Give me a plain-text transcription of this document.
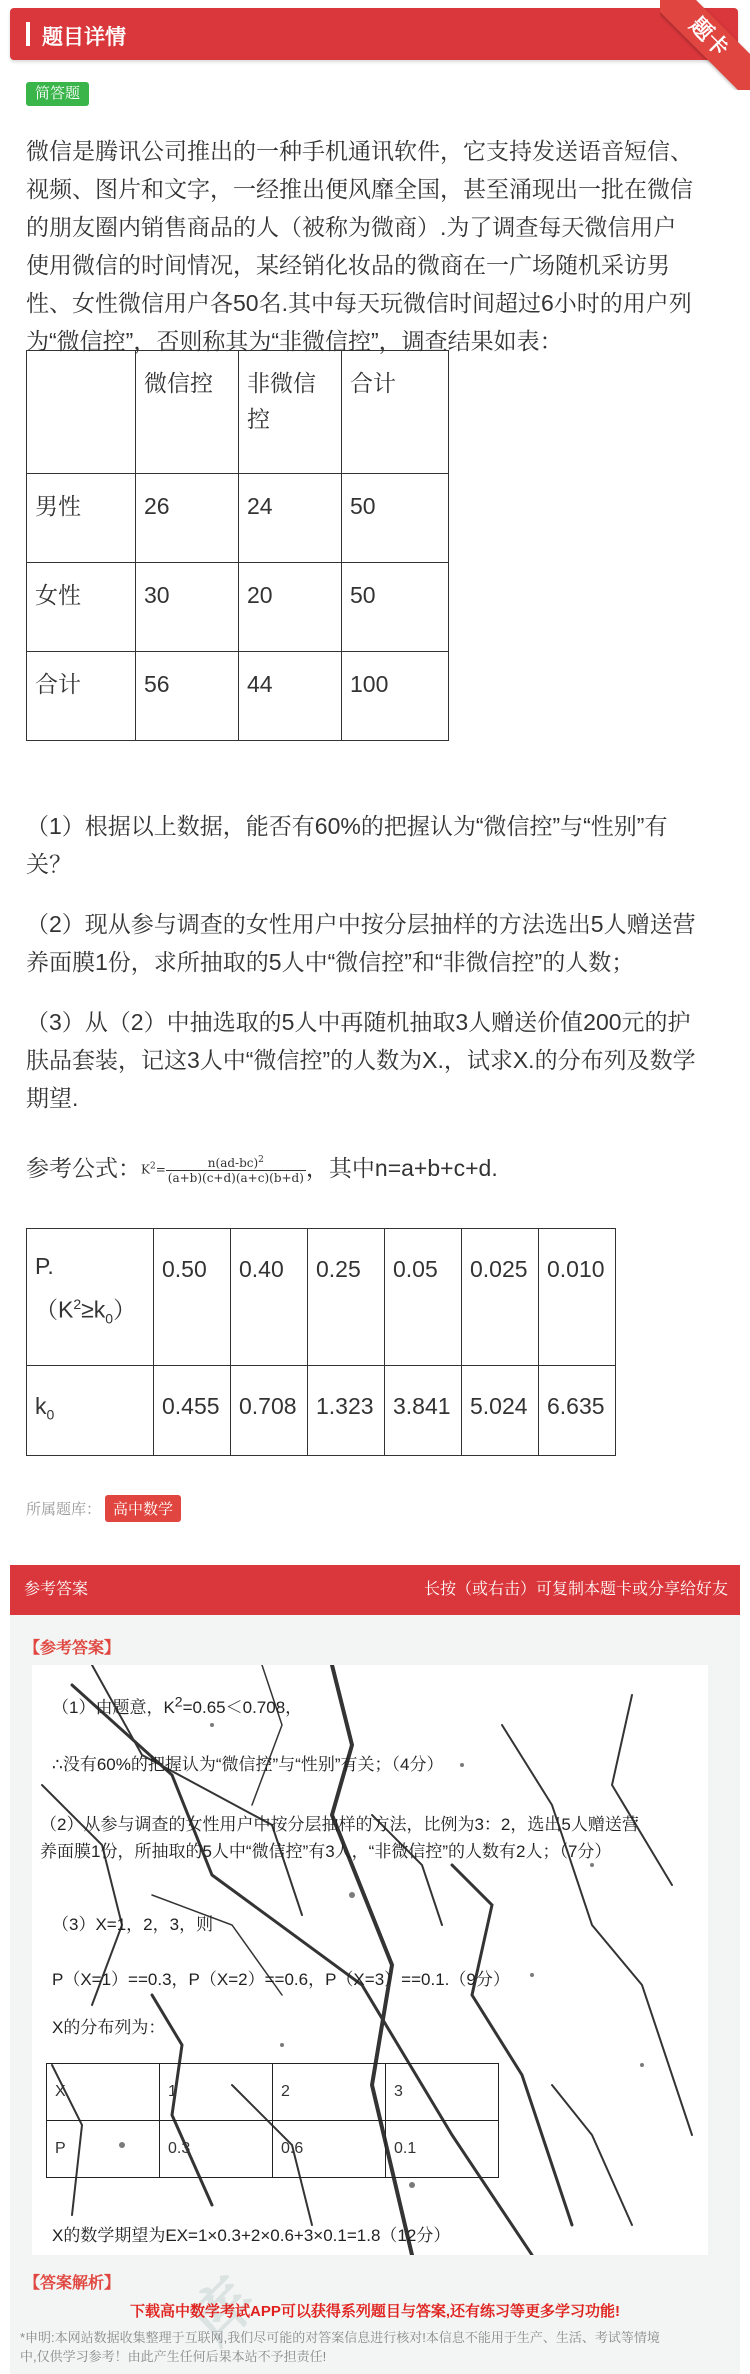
题目详情	题卡
简答题
微信是腾讯公司推出的一种手机通讯软件，它支持发送语音短信、
视频、图片和文字，一经推出便风靡全国，甚至涌现出一批在微信
的朋友圈内销售商品的人（被称为微商）.为了调查每天微信用户
使用微信的时间情况，某经销化妆品的微商在一广场随机采访男
性、女性微信用户各50名.其中每天玩微信时间超过6小时的用户列
为“微信控”，否则称其为“非微信控”，调查结果如表：
	微信控	非微信控	合计
男性	26	24	50
女性	30	20	50
合计	56	44	100
（1）根据以上数据，能否有60%的把握认为“微信控”与“性别”有
关？
（2）现从参与调查的女性用户中按分层抽样的方法选出5人赠送营
养面膜1份，求所抽取的5人中“微信控”和“非微信控”的人数；
（3）从（2）中抽选取的5人中再随机抽取3人赠送价值200元的护
肤品套装，记这3人中“微信控”的人数为X.，试求X.的分布列及数学
期望.
参考公式：$K^2= \frac{n(ad-bc)^2}{(a+b)(c+d)(a+c)(b+d)}$ ，其中n=a+b+c+d.
P.
$(K^2\ge k_0)$	0.50	0.40	0.25	0.05	0.025	0.010
$k_0$	0.455	0.708	1.323	3.841	5.024	6.635
所属题库： 高中数学
库
参考答案	长按（或右击）可复制本题卡或分享给好友
【参考答案】
（1）由题意，$K^2=0.65<0.708$，
∴没有60%的把握认为“微信控”与“性别”有关；（4分）
（2）从参与调查的女性用户中按分层抽样的方法，比例为3：2，选出5人赠送营
养面膜1份，所抽取的5人中“微信控”有3人，“非微信控”的人数有2人；（7分）
（3）X=1，2，3，则
P（X=1）==0.3，P（X=2）==0.6，P（X=3）==0.1.（9分）
X的分布列为：
X	1	2	3
P	0.3	0.6	0.1
X的数学期望为EX=1×0.3+2×0.6+3×0.1=1.8（12分）
【答案解析】
下载高中数学考试APP可以获得系列题目与答案,还有练习等更多学习功能!
*申明:本网站数据收集整理于互联网,我们尽可能的对答案信息进行核对!本信息不能用于生产、生活、考试等情境
中,仅供学习参考！由此产生任何后果本站不予担责任!
